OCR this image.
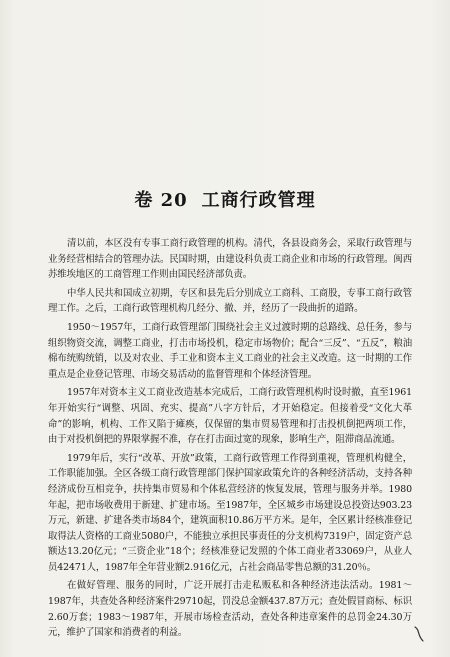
卷 20 工商行政管理

清以前，本区没有专事工商行政管理的机构。清代，各县设商务会，采取行政管理与业务经营相结合的管理办法。民国时期，由建设科负责工商企业和市场的行政管理。闽西苏维埃地区的工商管理工作则由国民经济部负责。

中华人民共和国成立初期，专区和县先后分别成立工商科、工商股，专事工商行政管理工作。之后，工商行政管理机构几经分、撤、并，经历了一段曲折的道路。

1950～1957年，工商行政管理部门围绕社会主义过渡时期的总路线、总任务，参与组织物资交流，调整工商业，打击市场投机，稳定市场物价；配合“三反”、“五反”，粮油棉布统购统销，以及对农业、手工业和资本主义工商业的社会主义改造。这一时期的工作重点是企业登记管理、市场交易活动的监督管理和个体经济管理。

1957年对资本主义工商业改造基本完成后，工商行政管理机构时设时撤，直至1961年开始实行“调整、巩固、充实、提高”八字方针后，才开始稳定。但接着受“文化大革命”的影响，机构、工作又陷于瘫痪，仅保留的集市贸易管理和打击投机倒把两项工作，由于对投机倒把的界限掌握不准，存在打击面过宽的现象，影响生产，阻滞商品流通。

1979年后，实行“改革、开放”政策，工商行政管理工作得到重视，管理机构健全，工作职能加强。全区各级工商行政管理部门保护国家政策允许的各种经济活动，支持各种经济成份互相竞争，扶持集市贸易和个体私营经济的恢复发展，管理与服务并举。1980年起，把市场收费用于新建、扩建市场。至1987年，全区城乡市场建设总投资达903.23万元，新建、扩建各类市场84个，建筑面积10.86万平方米。是年，全区累计经核准登记取得法人资格的工商业5080户，不能独立承担民事责任的分支机构7319户，固定资产总额达13.20亿元；“三资企业”18个；经核准登记发照的个体工商业者33069户，从业人员42471人，1987年全年营业额2.916亿元，占社会商品零售总额的31.20％。

在做好管理、服务的同时，广泛开展打击走私贩私和各种经济违法活动。1981～1987年，共查处各种经济案件29710起，罚没总金额437.87万元；查处假冒商标、标识2.60万套；1983～1987年，开展市场检查活动，查处各种违章案件的总罚金24.30万元，维护了国家和消费者的利益。
